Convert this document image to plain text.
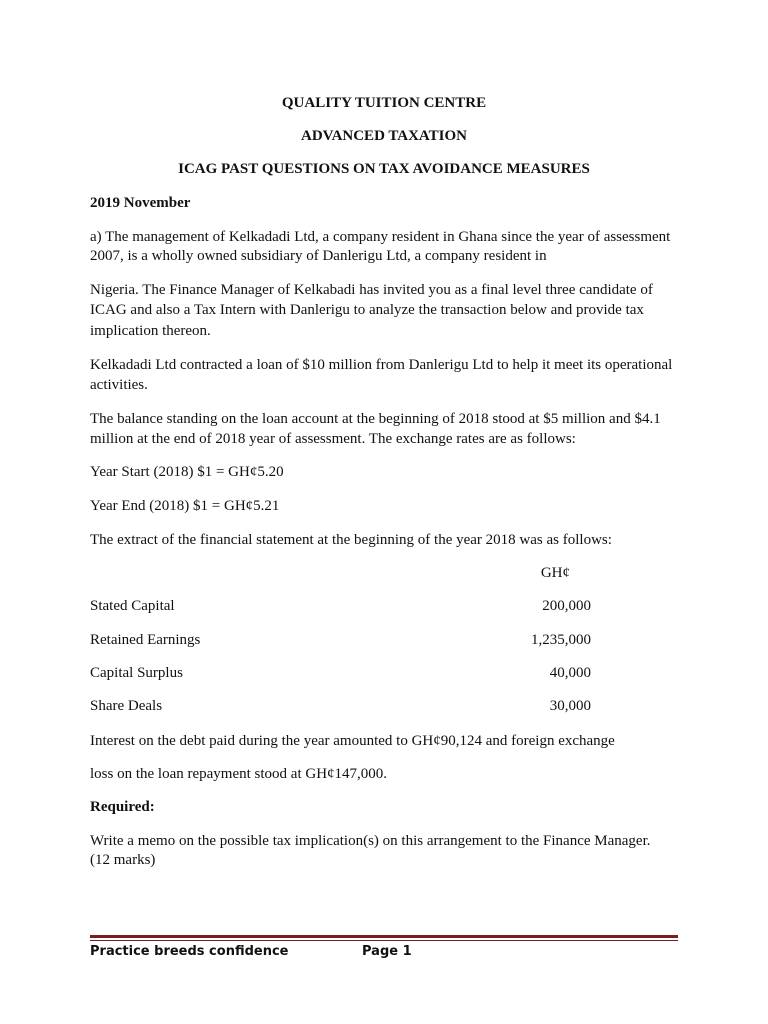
QUALITY TUITION CENTRE
ADVANCED TAXATION
ICAG PAST QUESTIONS ON TAX AVOIDANCE MEASURES
2019 November
a) The management of Kelkadadi Ltd, a company resident in Ghana since the year of assessment
2007, is a wholly owned subsidiary of Danlerigu Ltd, a company resident in
Nigeria. The Finance Manager of Kelkabadi has invited you as a final level three candidate of
ICAG and also a Tax Intern with Danlerigu to analyze the transaction below and provide tax
implication thereon.
Kelkadadi Ltd contracted a loan of $10 million from Danlerigu Ltd to help it meet its operational
activities.
The balance standing on the loan account at the beginning of 2018 stood at $5 million and $4.1
million at the end of 2018 year of assessment. The exchange rates are as follows:
Year Start (2018) $1 = GH¢5.20
Year End (2018) $1 = GH¢5.21
The extract of the financial statement at the beginning of the year 2018 was as follows:
GH¢
Stated Capital	200,000
Retained Earnings	1,235,000
Capital Surplus	40,000
Share Deals	30,000
Interest on the debt paid during the year amounted to GH¢90,124 and foreign exchange
loss on the loan repayment stood at GH¢147,000.
Required:
Write a memo on the possible tax implication(s) on this arrangement to the Finance Manager.
(12 marks)
Practice breeds confidence	Page 1
